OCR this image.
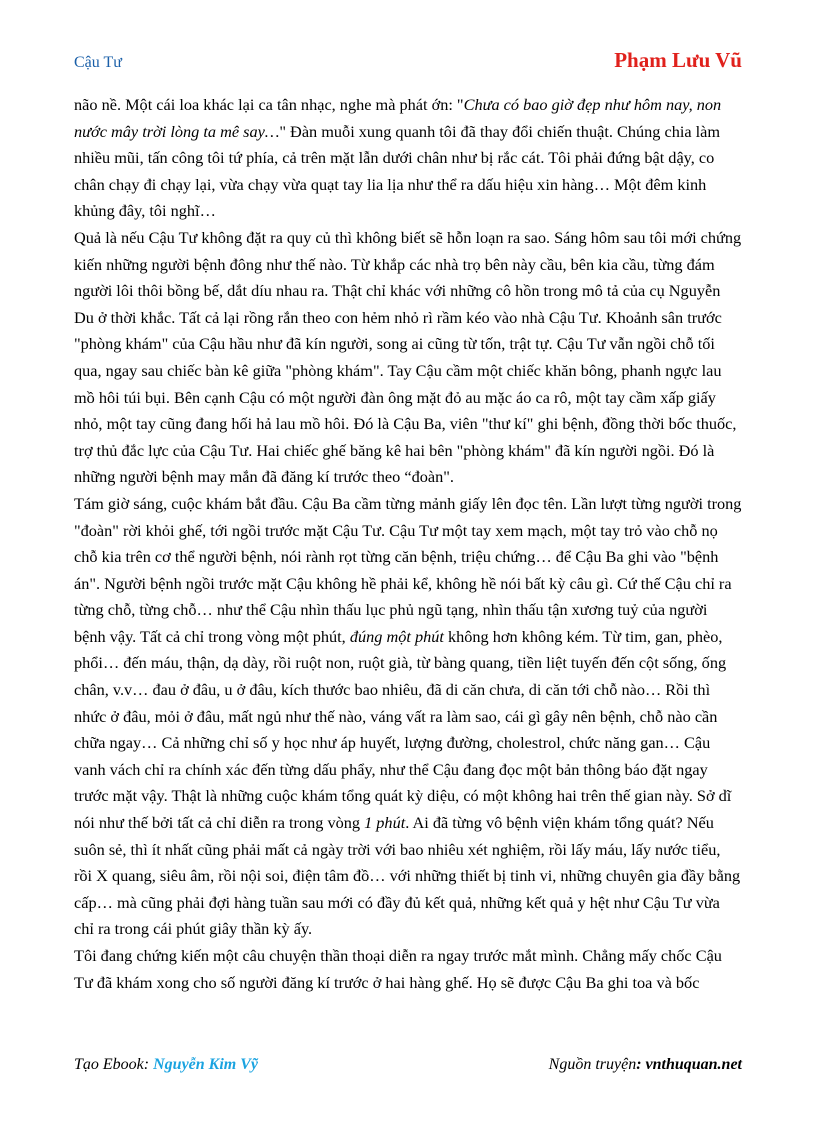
Cậu Tư	Phạm Lưu Vũ

não nề. Một cái loa khác lại ca tân nhạc, nghe mà phát ớn: "Chưa có bao giờ đẹp như hôm nay, non nước mây trời lòng ta mê say…" Đàn muỗi xung quanh tôi đã thay đổi chiến thuật. Chúng chia làm nhiều mũi, tấn công tôi tứ phía, cả trên mặt lẫn dưới chân như bị rắc cát. Tôi phải đứng bật dậy, co chân chạy đi chạy lại, vừa chạy vừa quạt tay lia lịa như thể ra dấu hiệu xin hàng… Một đêm kinh khủng đây, tôi nghĩ…

Quả là nếu Cậu Tư không đặt ra quy củ thì không biết sẽ hỗn loạn ra sao. Sáng hôm sau tôi mới chứng kiến những người bệnh đông như thế nào. Từ khắp các nhà trọ bên này cầu, bên kia cầu, từng đám người lôi thôi bồng bế, dắt díu nhau ra. Thật chỉ khác với những cô hồn trong mô tả của cụ Nguyễn Du ở thời khắc. Tất cả lại rồng rắn theo con hẻm nhỏ rì rầm kéo vào nhà Cậu Tư. Khoảnh sân trước "phòng khám" của Cậu hầu như đã kín người, song ai cũng từ tốn, trật tự. Cậu Tư vẫn ngồi chỗ tối qua, ngay sau chiếc bàn kê giữa "phòng khám". Tay Cậu cầm một chiếc khăn bông, phanh ngực lau mồ hôi túi bụi. Bên cạnh Cậu có một người đàn ông mặt đỏ au mặc áo ca rô, một tay cầm xấp giấy nhỏ, một tay cũng đang hối hả lau mồ hôi. Đó là Cậu Ba, viên "thư kí" ghi bệnh, đồng thời bốc thuốc, trợ thủ đắc lực của Cậu Tư. Hai chiếc ghế băng kê hai bên "phòng khám" đã kín người ngồi. Đó là những người bệnh may mắn đã đăng kí trước theo “đoàn".

Tám giờ sáng, cuộc khám bắt đầu. Cậu Ba cầm từng mảnh giấy lên đọc tên. Lần lượt từng người trong "đoàn" rời khỏi ghế, tới ngồi trước mặt Cậu Tư. Cậu Tư một tay xem mạch, một tay trỏ vào chỗ nọ chỗ kia trên cơ thể người bệnh, nói rành rọt từng căn bệnh, triệu chứng… để Cậu Ba ghi vào "bệnh án". Người bệnh ngồi trước mặt Cậu không hề phải kể, không hề nói bất kỳ câu gì. Cứ thế Cậu chỉ ra từng chỗ, từng chỗ… như thể Cậu nhìn thấu lục phủ ngũ tạng, nhìn thấu tận xương tuỷ của người bệnh vậy. Tất cả chỉ trong vòng một phút, đúng một phút không hơn không kém. Từ tim, gan, phèo, phổi… đến máu, thận, dạ dày, rồi ruột non, ruột già, từ bàng quang, tiền liệt tuyến đến cột sống, ống chân, v.v… đau ở đâu, u ở đâu, kích thước bao nhiêu, đã di căn chưa, di căn tới chỗ nào… Rồi thì nhức ở đâu, mỏi ở đâu, mất ngủ như thế nào, váng vất ra làm sao, cái gì gây nên bệnh, chỗ nào cần chữa ngay… Cả những chỉ số y học như áp huyết, lượng đường, cholestrol, chức năng gan… Cậu vanh vách chỉ ra chính xác đến từng dấu phẩy, như thể Cậu đang đọc một bản thông báo đặt ngay trước mặt vậy. Thật là những cuộc khám tổng quát kỳ diệu, có một không hai trên thế gian này. Sở dĩ nói như thế bởi tất cả chỉ diễn ra trong vòng 1 phút. Ai đã từng vô bệnh viện khám tổng quát? Nếu suôn sẻ, thì ít nhất cũng phải mất cả ngày trời với bao nhiêu xét nghiệm, rồi lấy máu, lấy nước tiểu, rồi X quang, siêu âm, rồi nội soi, điện tâm đồ… với những thiết bị tinh vi, những chuyên gia đầy bằng cấp… mà cũng phải đợi hàng tuần sau mới có đầy đủ kết quả, những kết quả y hệt như Cậu Tư vừa chỉ ra trong cái phút giây thần kỳ ấy.

Tôi đang chứng kiến một câu chuyện thần thoại diễn ra ngay trước mắt mình. Chẳng mấy chốc Cậu Tư đã khám xong cho số người đăng kí trước ở hai hàng ghế. Họ sẽ được Cậu Ba ghi toa và bốc

Tạo Ebook: Nguyễn Kim Vỹ	Nguồn truyện: vnthuquan.net
